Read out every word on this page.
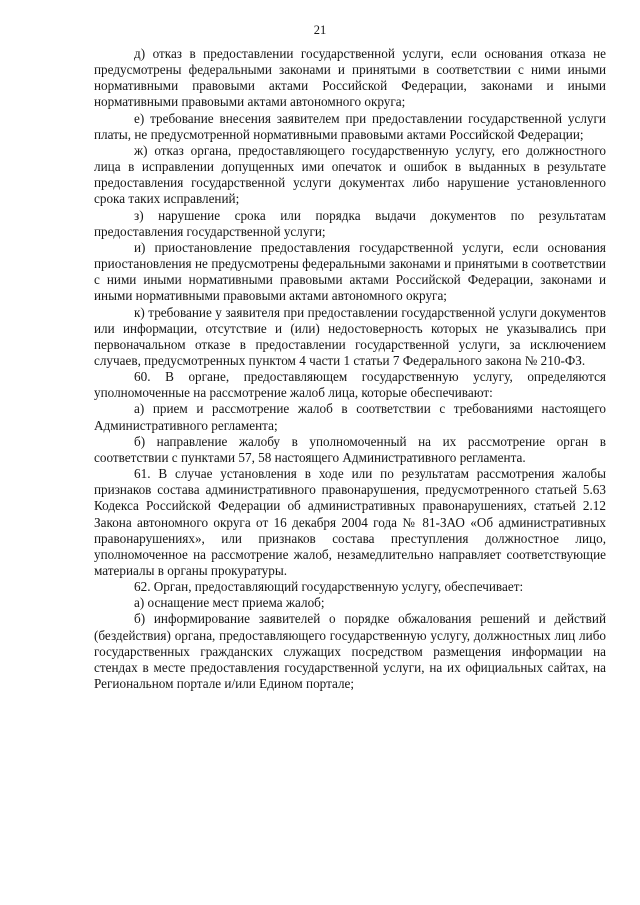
21

д) отказ в предоставлении государственной услуги, если основания отказа не предусмотрены федеральными законами и принятыми в соответствии с ними иными нормативными правовыми актами Российской Федерации, законами и иными нормативными правовыми актами автономного округа;

е) требование внесения заявителем при предоставлении государственной услуги платы, не предусмотренной нормативными правовыми актами Российской Федерации;

ж) отказ органа, предоставляющего государственную услугу, его должностного лица в исправлении допущенных ими опечаток и ошибок в выданных в результате предоставления государственной услуги документах либо нарушение установленного срока таких исправлений;

з) нарушение срока или порядка выдачи документов по результатам предоставления государственной услуги;

и) приостановление предоставления государственной услуги, если основания приостановления не предусмотрены федеральными законами и принятыми в соответствии с ними иными нормативными правовыми актами Российской Федерации, законами и иными нормативными правовыми актами автономного округа;

к) требование у заявителя при предоставлении государственной услуги документов или информации, отсутствие и (или) недостоверность которых не указывались при первоначальном отказе в предоставлении государственной услуги, за исключением случаев, предусмотренных пунктом 4 части 1 статьи 7 Федерального закона № 210-ФЗ.

60. В органе, предоставляющем государственную услугу, определяются уполномоченные на рассмотрение жалоб лица, которые обеспечивают:

а) прием и рассмотрение жалоб в соответствии с требованиями настоящего Административного регламента;

б) направление жалобу в уполномоченный на их рассмотрение орган в соответствии с пунктами 57, 58 настоящего Административного регламента.

61. В случае установления в ходе или по результатам рассмотрения жалобы признаков состава административного правонарушения, предусмотренного статьей 5.63 Кодекса Российской Федерации об административных правонарушениях, статьей 2.12 Закона автономного округа от 16 декабря 2004 года № 81-ЗАО «Об административных правонарушениях», или признаков состава преступления должностное лицо, уполномоченное на рассмотрение жалоб, незамедлительно направляет соответствующие материалы в органы прокуратуры.

62. Орган, предоставляющий государственную услугу, обеспечивает:

а) оснащение мест приема жалоб;

б) информирование заявителей о порядке обжалования решений и действий (бездействия) органа, предоставляющего государственную услугу, должностных лиц либо государственных гражданских служащих посредством размещения информации на стендах в месте предоставления государственной услуги, на их официальных сайтах, на Региональном портале и/или Едином портале;
